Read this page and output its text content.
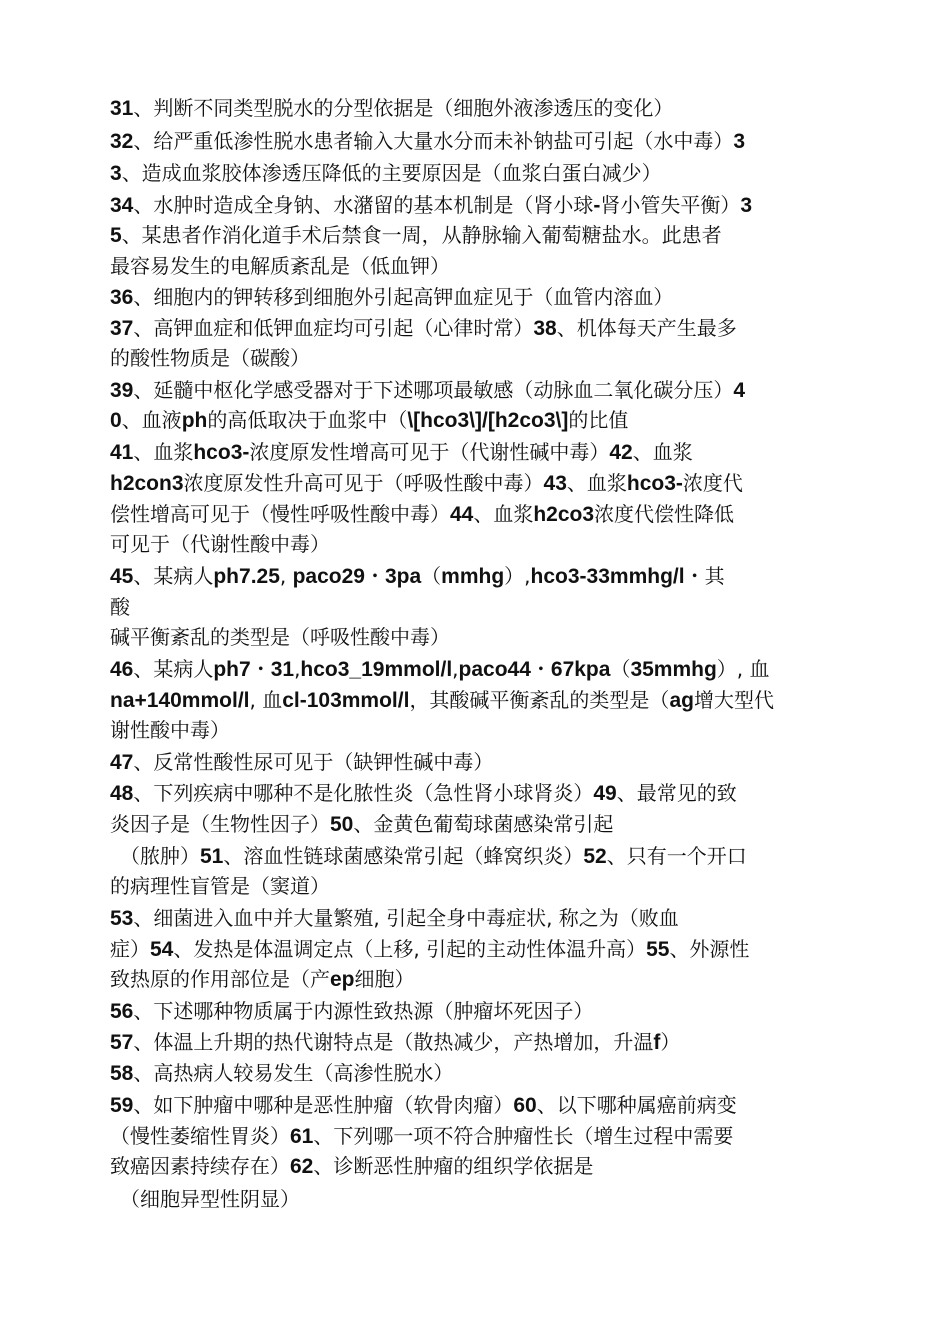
31、判断不同类型脱水的分型依据是（细胞外液渗透压的变化）
32、给严重低渗性脱水患者输入大量水分而未补钠盐可引起（水中毒）3
3、造成血浆胶体渗透压降低的主要原因是（血浆白蛋白减少）
34、水肿时造成全身钠、水潴留的基本机制是（肾小球-肾小管失平衡）3
5、某患者作消化道手术后禁食一周，从静脉输入葡萄糖盐水。此患者
最容易发生的电解质紊乱是（低血钾）
36、细胞内的钾转移到细胞外引起高钾血症见于（血管内溶血）
37、高钾血症和低钾血症均可引起（心律时常）38、机体每天产生最多
的酸性物质是（碳酸）
39、延髓中枢化学感受器对于下述哪项最敏感（动脉血二氧化碳分压）4
0、血液ph的高低取决于血浆中（\[hco3\]/[h2co3\]的比值
41、血浆hco3-浓度原发性增高可见于（代谢性碱中毒）42、血浆
h2con3浓度原发性升高可见于（呼吸性酸中毒）43、血浆hco3-浓度代
偿性增高可见于（慢性呼吸性酸中毒）44、血浆h2co3浓度代偿性降低
可见于（代谢性酸中毒）
45、某病人ph7.25, paco29・3pa（mmhg）,hco3-33mmhg/l・其
酸
碱平衡紊乱的类型是（呼吸性酸中毒）
46、某病人ph7・31,hco3_19mmol/l,paco44・67kpa（35mmhg）, 血
na+140mmol/l, 血cl-103mmol/l，其酸碱平衡紊乱的类型是（ag增大型代
谢性酸中毒）
47、反常性酸性尿可见于（缺钾性碱中毒）
48、下列疾病中哪种不是化脓性炎（急性肾小球肾炎）49、最常见的致
炎因子是（生物性因子）50、金黄色葡萄球菌感染常引起
（脓肿）51、溶血性链球菌感染常引起（蜂窝织炎）52、只有一个开口
的病理性盲管是（窦道）
53、细菌进入血中并大量繁殖, 引起全身中毒症状, 称之为（败血
症）54、发热是体温调定点（上移, 引起的主动性体温升高）55、外源性
致热原的作用部位是（产ep细胞）
56、下述哪种物质属于内源性致热源（肿瘤坏死因子）
57、体温上升期的热代谢特点是（散热减少，产热增加，升温f）
58、高热病人较易发生（高渗性脱水）
59、如下肿瘤中哪种是恶性肿瘤（软骨肉瘤）60、以下哪种属癌前病变
（慢性萎缩性胃炎）61、下列哪一项不符合肿瘤性长（增生过程中需要
致癌因素持续存在）62、诊断恶性肿瘤的组织学依据是
（细胞异型性阴显）
